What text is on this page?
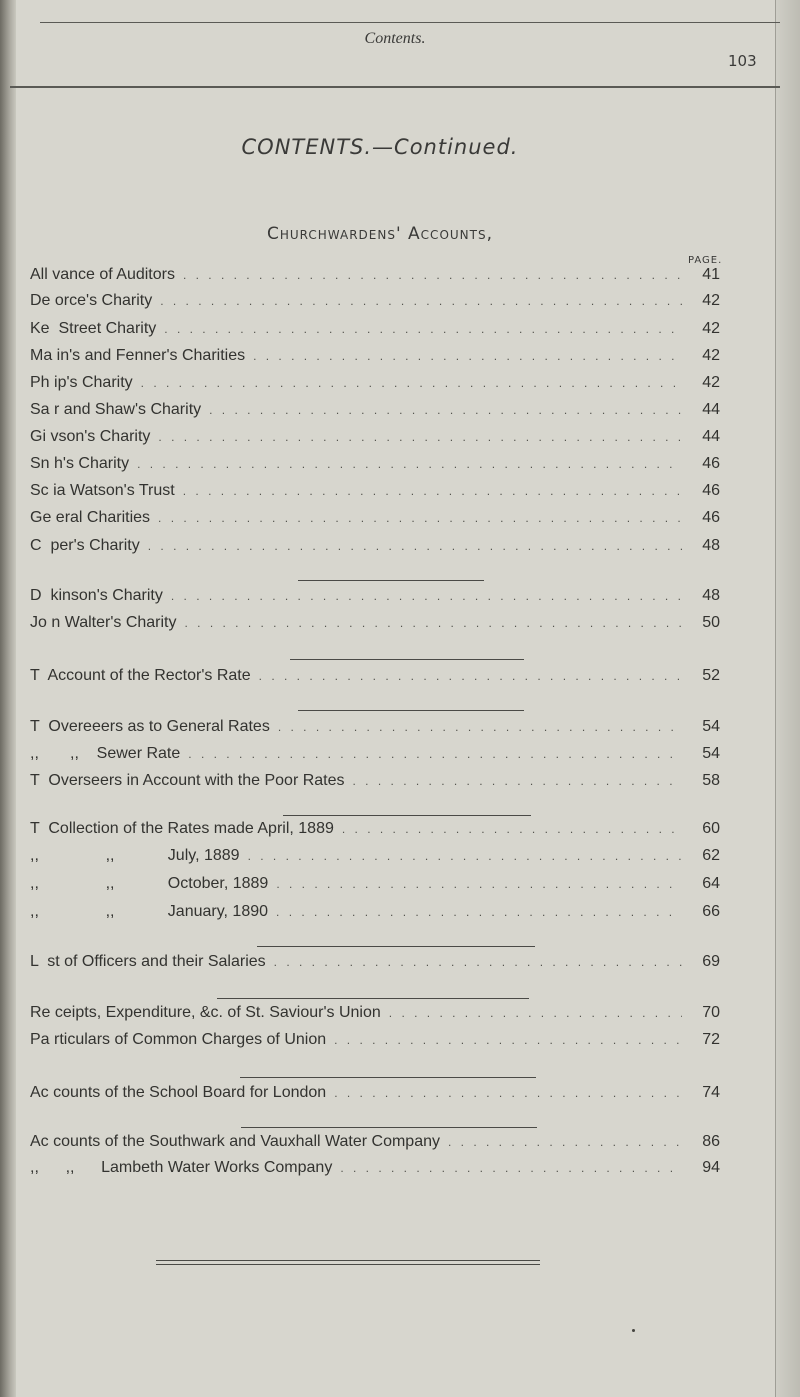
Contents.
103
CONTENTS.—Continued.
Churchwardens' Accounts,
PAGE.
All vance of Auditors . . .	41
De orce's Charity . . .	42
Ke  Street Charity . . .	42
Ma in's and Fenner's Charities . . .	42
Ph ip's Charity . . .	42
Sa r and Shaw's Charity . . .	44
Gi vson's Charity . . .	44
Sn h's Charity . . .	46
Sc ia Watson's Trust . . .	46
Ge eral Charities . . .	46
C  per's Charity . . .	48
D  kinson's Charity . . .	48
Jo n Walter's Charity . . .	50
T  Account of the Rector's Rate . . .	52
T  Overeeers as to General Rates . . .	54
,,       ,,    Sewer Rate . . .	54
T  Overseers in Account with the Poor Rates . . .	58
T  Collection of the Rates made April, 1889 . . .	60
,,               ,,            July, 1889 . . .	62
,,               ,,            October, 1889 . . .	64
,,               ,,            January, 1890 . . .	66
L  st of Officers and their Salaries . . .	69
Re ceipts, Expenditure, &c. of St. Saviour's Union . . .	70
Pa rticulars of Common Charges of Union . . .	72
Ac counts of the School Board for London . . .	74
Ac counts of the Southwark and Vauxhall Water Company . . .	86
,,      ,,      Lambeth Water Works Company . . .	94
